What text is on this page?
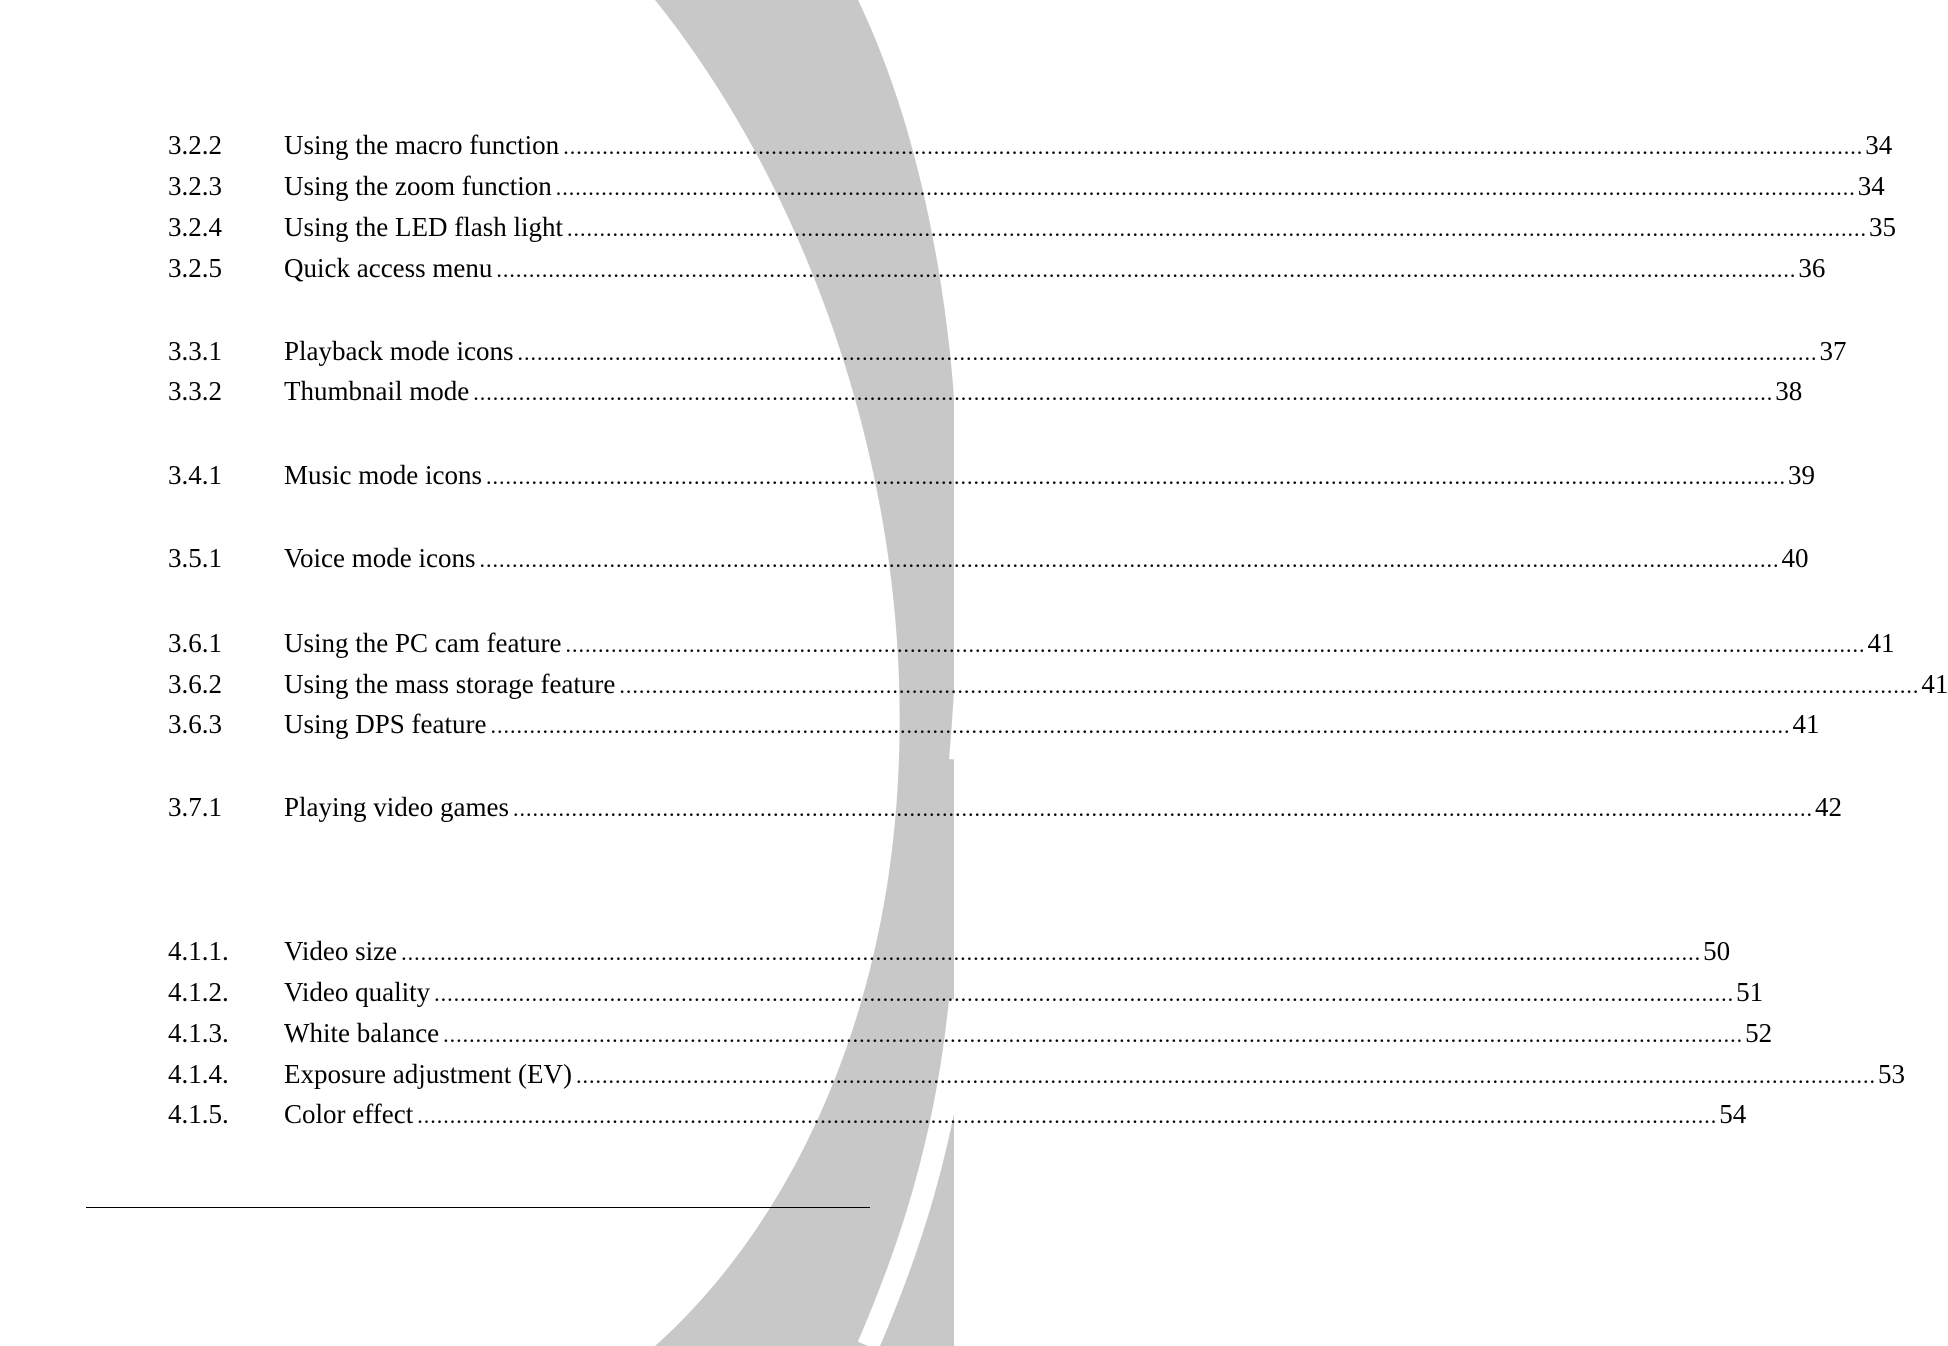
3.2.2	Using the macro function ........................................................................................................................................................................................................ 34
3.2.3	Using the zoom function ........................................................................................................................................................................................................ 34
3.2.4	Using the LED flash light ........................................................................................................................................................................................................ 35
3.2.5	Quick access menu ........................................................................................................................................................................................................ 36
3.3.1	Playback mode icons ........................................................................................................................................................................................................ 37
3.3.2	Thumbnail mode ........................................................................................................................................................................................................ 38
3.4.1	Music mode icons ........................................................................................................................................................................................................ 39
3.5.1	Voice mode icons ........................................................................................................................................................................................................ 40
3.6.1	Using the PC cam feature ........................................................................................................................................................................................................ 41
3.6.2	Using the mass storage feature ........................................................................................................................................................................................................ 41
3.6.3	Using DPS feature ........................................................................................................................................................................................................ 41
3.7.1	Playing video games ........................................................................................................................................................................................................ 42
4.1.1.	Video size ........................................................................................................................................................................................................ 50
4.1.2.	Video quality ........................................................................................................................................................................................................ 51
4.1.3.	White balance ........................................................................................................................................................................................................ 52
4.1.4.	Exposure adjustment (EV) ........................................................................................................................................................................................................ 53
4.1.5.	Color effect ........................................................................................................................................................................................................ 54
